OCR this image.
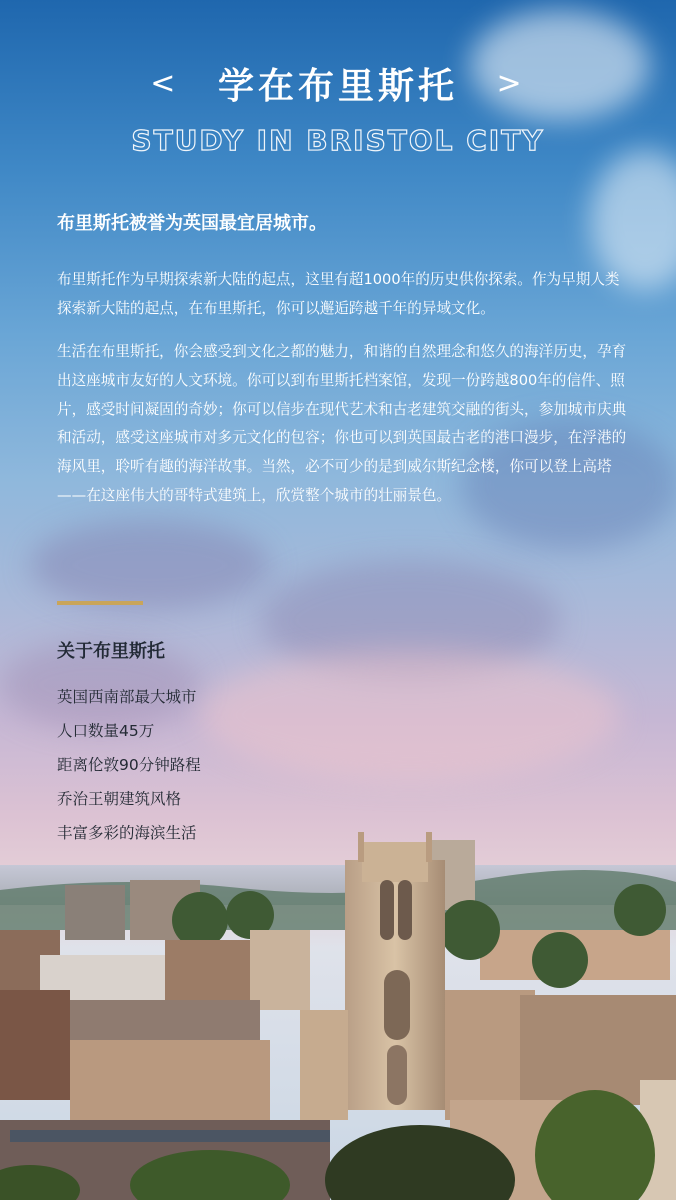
< 学在布里斯托 >
STUDY IN BRISTOL CITY
布里斯托被誉为英国最宜居城市。

布里斯托作为早期探索新大陆的起点，这里有超1000年的历史供你探索。作为早期人类探索新大陆的起点，在布里斯托，你可以邂逅跨越千年的异域文化。

生活在布里斯托，你会感受到文化之都的魅力，和谐的自然理念和悠久的海洋历史，孕育出这座城市友好的人文环境。你可以到布里斯托档案馆，发现一份跨越800年的信件、照片，感受时间凝固的奇妙；你可以信步在现代艺术和古老建筑交融的街头，参加城市庆典和活动，感受这座城市对多元文化的包容；你也可以到英国最古老的港口漫步，在浮港的海风里，聆听有趣的海洋故事。当然，必不可少的是到威尔斯纪念楼，你可以登上高塔——在这座伟大的哥特式建筑上，欣赏整个城市的壮丽景色。

关于布里斯托
英国西南部最大城市
人口数量45万
距离伦敦90分钟路程
乔治王朝建筑风格
丰富多彩的海滨生活
